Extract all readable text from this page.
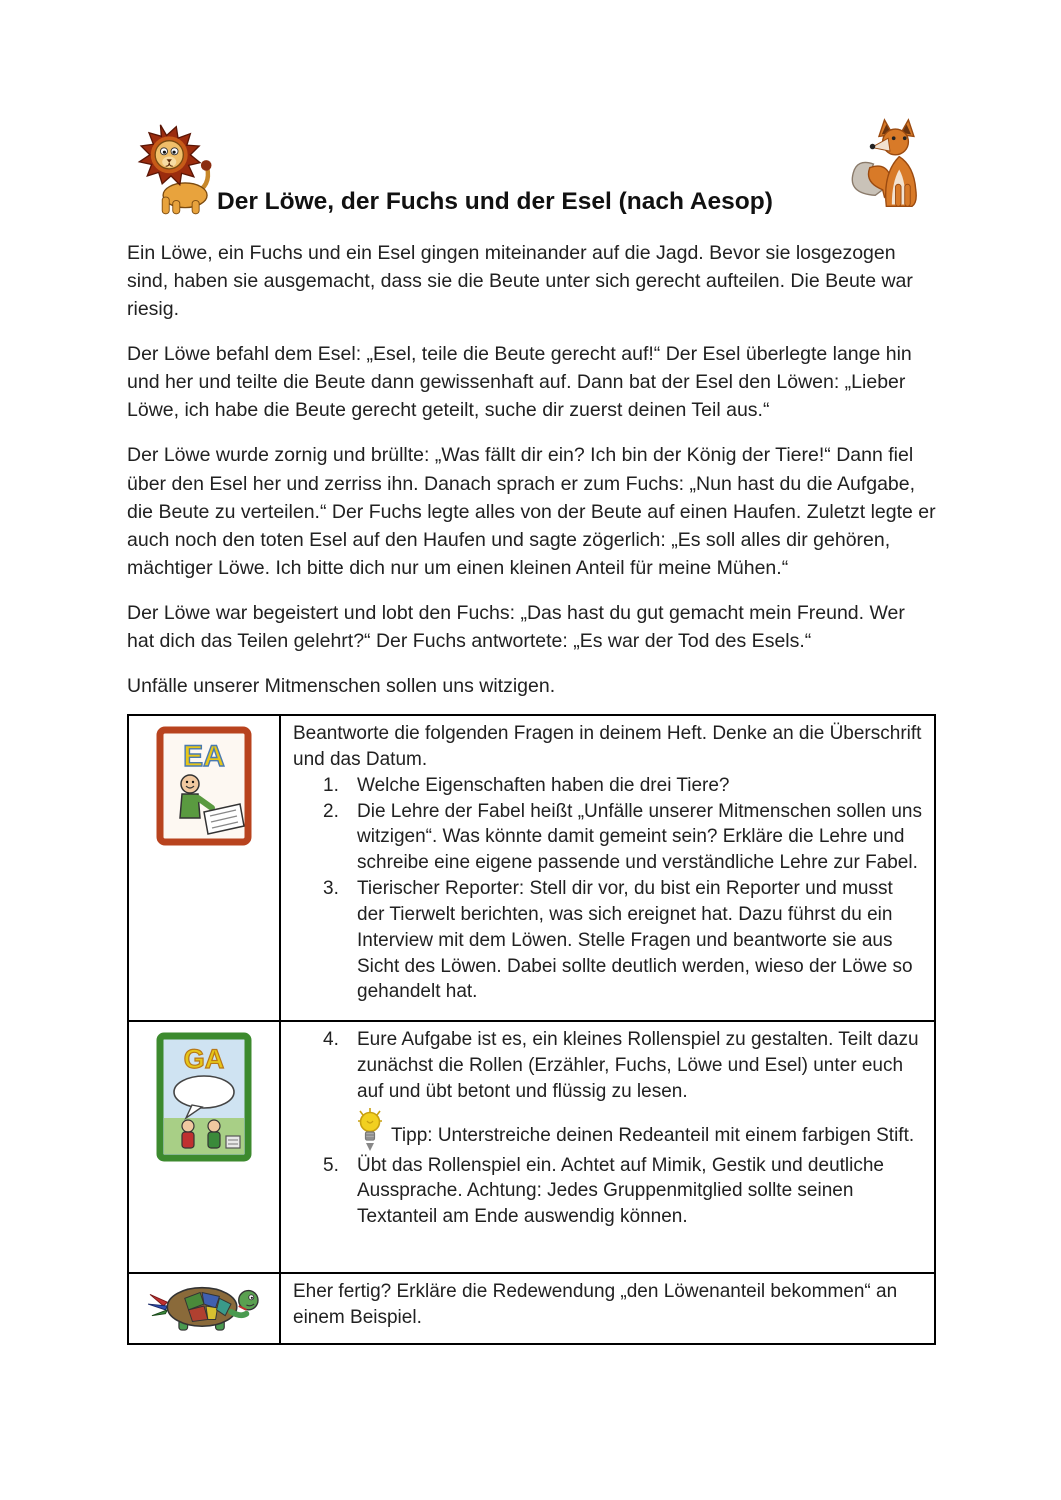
Der Löwe, der Fuchs und der Esel (nach Aesop)

Ein Löwe, ein Fuchs und ein Esel gingen miteinander auf die Jagd. Bevor sie losgezogen sind, haben sie ausgemacht, dass sie die Beute unter sich gerecht aufteilen. Die Beute war riesig.

Der Löwe befahl dem Esel: „Esel, teile die Beute gerecht auf!“ Der Esel überlegte lange hin und her und teilte die Beute dann gewissenhaft auf. Dann bat der Esel den Löwen: „Lieber Löwe, ich habe die Beute gerecht geteilt, suche dir zuerst deinen Teil aus.“

Der Löwe wurde zornig und brüllte: „Was fällt dir ein? Ich bin der König der Tiere!“ Dann fiel über den Esel her und zerriss ihn. Danach sprach er zum Fuchs: „Nun hast du die Aufgabe, die Beute zu verteilen.“ Der Fuchs legte alles von der Beute auf einen Haufen. Zuletzt legte er auch noch den toten Esel auf den Haufen und sagte zögerlich: „Es soll alles dir gehören, mächtiger Löwe. Ich bitte dich nur um einen kleinen Anteil für meine Mühen.“

Der Löwe war begeistert und lobt den Fuchs: „Das hast du gut gemacht mein Freund. Wer hat dich das Teilen gelehrt?“ Der Fuchs antwortete: „Es war der Tod des Esels.“

Unfälle unserer Mitmenschen sollen uns witzigen.

EA

Beantworte die folgenden Fragen in deinem Heft. Denke an die Überschrift und das Datum.

1. Welche Eigenschaften haben die drei Tiere?
2. Die Lehre der Fabel heißt „Unfälle unserer Mitmenschen sollen uns witzigen“. Was könnte damit gemeint sein? Erkläre die Lehre und schreibe eine eigene passende und verständliche Lehre zur Fabel.
3. Tierischer Reporter: Stell dir vor, du bist ein Reporter und musst der Tierwelt berichten, was sich ereignet hat. Dazu führst du ein Interview mit dem Löwen. Stelle Fragen und beantworte sie aus Sicht des Löwen. Dabei sollte deutlich werden, wieso der Löwe so gehandelt hat.

GA

4. Eure Aufgabe ist es, ein kleines Rollenspiel zu gestalten. Teilt dazu zunächst die Rollen (Erzähler, Fuchs, Löwe und Esel) unter euch auf und übt betont und flüssig zu lesen.
Tipp: Unterstreiche deinen Redeanteil mit einem farbigen Stift.
5. Übt das Rollenspiel ein. Achtet auf Mimik, Gestik und deutliche Aussprache. Achtung: Jedes Gruppenmitglied sollte seinen Textanteil am Ende auswendig können.

	Eher fertig? Erkläre die Redewendung „den Löwenanteil bekommen“ an einem Beispiel.
